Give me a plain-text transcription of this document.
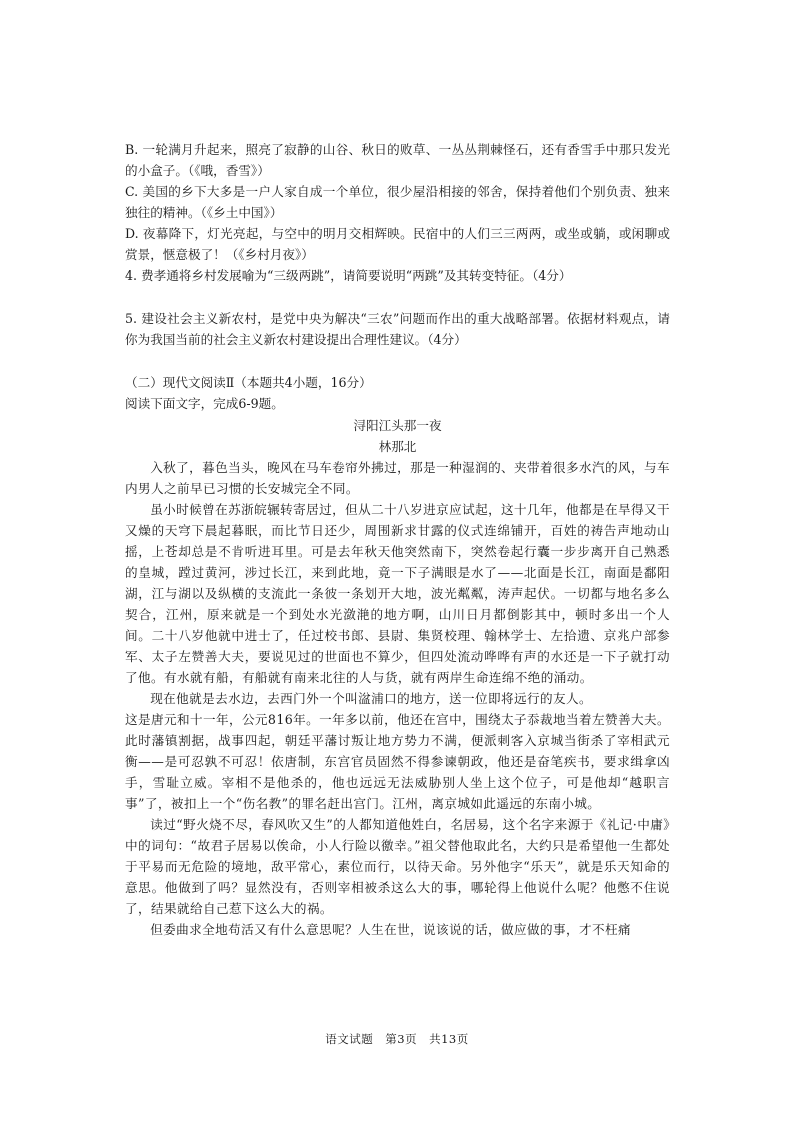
B. 一轮满月升起来，照亮了寂静的山谷、秋日的败草、一丛丛荆棘怪石，还有香雪手中那只发光的小盒子。（《哦，香雪》）

C. 美国的乡下大多是一户人家自成一个单位，很少屋沿相接的邻舍，保持着他们个别负责、独来独往的精神。（《乡土中国》）

D. 夜幕降下，灯光亮起，与空中的明月交相辉映。民宿中的人们三三两两，或坐或躺，或闲聊或赏景，惬意极了！（《乡村月夜》）

4. 费孝通将乡村发展喻为“三级两跳”，请简要说明“两跳”及其转变特征。（4分）

5. 建设社会主义新农村，是党中央为解决“三农”问题而作出的重大战略部署。依据材料观点，请你为我国当前的社会主义新农村建设提出合理性建议。（4分）

（二）现代文阅读Ⅱ（本题共4小题，16分）

阅读下面文字，完成6-9题。

浔阳江头那一夜

林那北

入秋了，暮色当头，晚风在马车卷帘外拂过，那是一种湿润的、夹带着很多水汽的风，与车内男人之前早已习惯的长安城完全不同。

虽小时候曾在苏浙皖辗转寄居过，但从二十八岁进京应试起，这十几年，他都是在旱得又干又燥的天穹下晨起暮眠，而比节日还少，周围新求甘露的仪式连绵铺开，百姓的祷告声地动山摇，上苍却总是不肯听进耳里。可是去年秋天他突然南下，突然卷起行囊一步步离开自己熟悉的皇城，蹚过黄河，涉过长江，来到此地，竟一下子满眼是水了——北面是长江，南面是鄱阳湖，江与湖以及纵横的支流此一条彼一条划开大地，波光粼粼，涛声起伏。一切都与地名多么契合，江州，原来就是一个到处水光潋滟的地方啊，山川日月都倒影其中，顿时多出一个人间。二十八岁他就中进士了，任过校书郎、县尉、集贤校理、翰林学士、左拾遗、京兆户部参军、太子左赞善大夫，要说见过的世面也不算少，但四处流动哗哗有声的水还是一下子就打动了他。有水就有船，有船就有南来北往的人与货，就有两岸生命连绵不绝的涌动。

现在他就是去水边，去西门外一个叫湓浦口的地方，送一位即将远行的友人。

这是唐元和十一年，公元816年。一年多以前，他还在宫中，围绕太子忝裁地当着左赞善大夫。此时藩镇割据，战事四起，朝廷平藩讨叛让地方势力不满，便派刺客入京城当街杀了宰相武元衡——是可忍孰不可忍！依唐制，东宫官员固然不得参谏朝政，他还是奋笔疾书，要求缉拿凶手，雪耻立威。宰相不是他杀的，他也远远无法威胁别人坐上这个位子，可是他却“越职言事”了，被扣上一个“伤名教”的罪名赶出宫门。江州，离京城如此遥远的东南小城。

读过“野火烧不尽，春风吹又生”的人都知道他姓白，名居易，这个名字来源于《礼记·中庸》中的词句：“故君子居易以俟命，小人行险以徼幸。”祖父替他取此名，大约只是希望他一生都处于平易而无危险的境地，敌平常心，素位而行，以待天命。另外他字“乐天”，就是乐天知命的意思。他做到了吗？显然没有，否则宰相被杀这么大的事，哪轮得上他说什么呢？他憋不住说了，结果就给自己惹下这么大的祸。

但委曲求全地苟活又有什么意思呢？人生在世，说该说的话，做应做的事，才不枉痛

语文试题　第3页　共13页
